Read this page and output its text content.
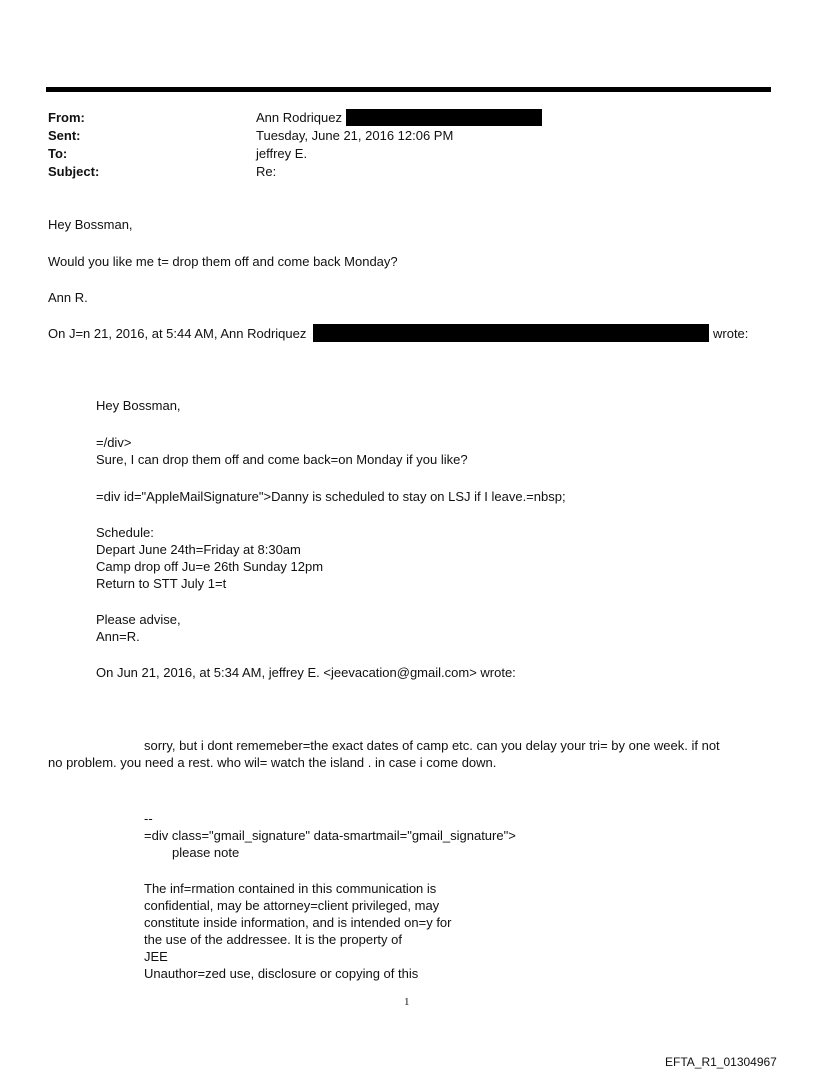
From:	Ann Rodriquez
Sent:	Tuesday, June 21, 2016 12:06 PM
To:	jeffrey E.
Subject:	Re:
Hey Bossman,
Would you like me t= drop them off and come back Monday?
Ann R.
On J=n 21, 2016, at 5:44 AM, Ann Rodriquez	wrote:
Hey Bossman,
=/div>
Sure, I can drop them off and come back=on Monday if you like?
=div id="AppleMailSignature">Danny is scheduled to stay on LSJ if I leave.=nbsp;
Schedule:
Depart June 24th=Friday at 8:30am
Camp drop off Ju=e 26th Sunday 12pm
Return to STT July 1=t
Please advise,
Ann=R.
On Jun 21, 2016, at 5:34 AM, jeffrey E. <jeevacation@gmail.com> wrote:
sorry, but i dont rememeber=the exact dates of camp etc. can you delay your tri= by one week. if not
no problem. you need a rest. who wil= watch the island . in case i come down.
--
=div class="gmail_signature" data-smartmail="gmail_signature">
please note
The inf=rmation contained in this communication is
confidential, may be attorney=client privileged, may
constitute inside information, and is intended on=y for
the use of the addressee. It is the property of
JEE
Unauthor=zed use, disclosure or copying of this
1
EFTA_R1_01304967
